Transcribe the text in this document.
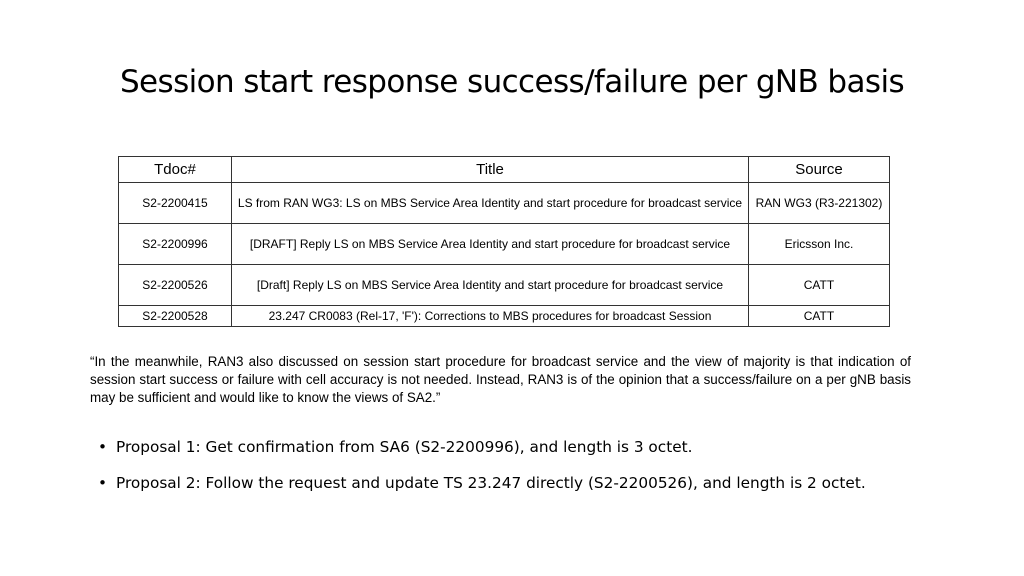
Session start response success/failure per gNB basis
Tdoc#	Title	Source
S2-2200415	LS from RAN WG3: LS on MBS Service Area Identity and start procedure for broadcast service	RAN WG3 (R3-221302)
S2-2200996	[DRAFT] Reply LS on MBS Service Area Identity and start procedure for broadcast service	Ericsson Inc.
S2-2200526	[Draft] Reply LS on MBS Service Area Identity and start procedure for broadcast service	CATT
S2-2200528	23.247 CR0083 (Rel-17, 'F'): Corrections to MBS procedures for broadcast Session	CATT
“In the meanwhile, RAN3 also discussed on session start procedure for broadcast service and the view of majority is that indication of session start success or failure with cell accuracy is not needed. Instead, RAN3 is of the opinion that a success/failure on a per gNB basis may be sufficient and would like to know the views of SA2.”
• Proposal 1: Get confirmation from SA6 (S2-2200996), and length is 3 octet.
• Proposal 2: Follow the request and update TS 23.247 directly (S2-2200526), and length is 2 octet.
